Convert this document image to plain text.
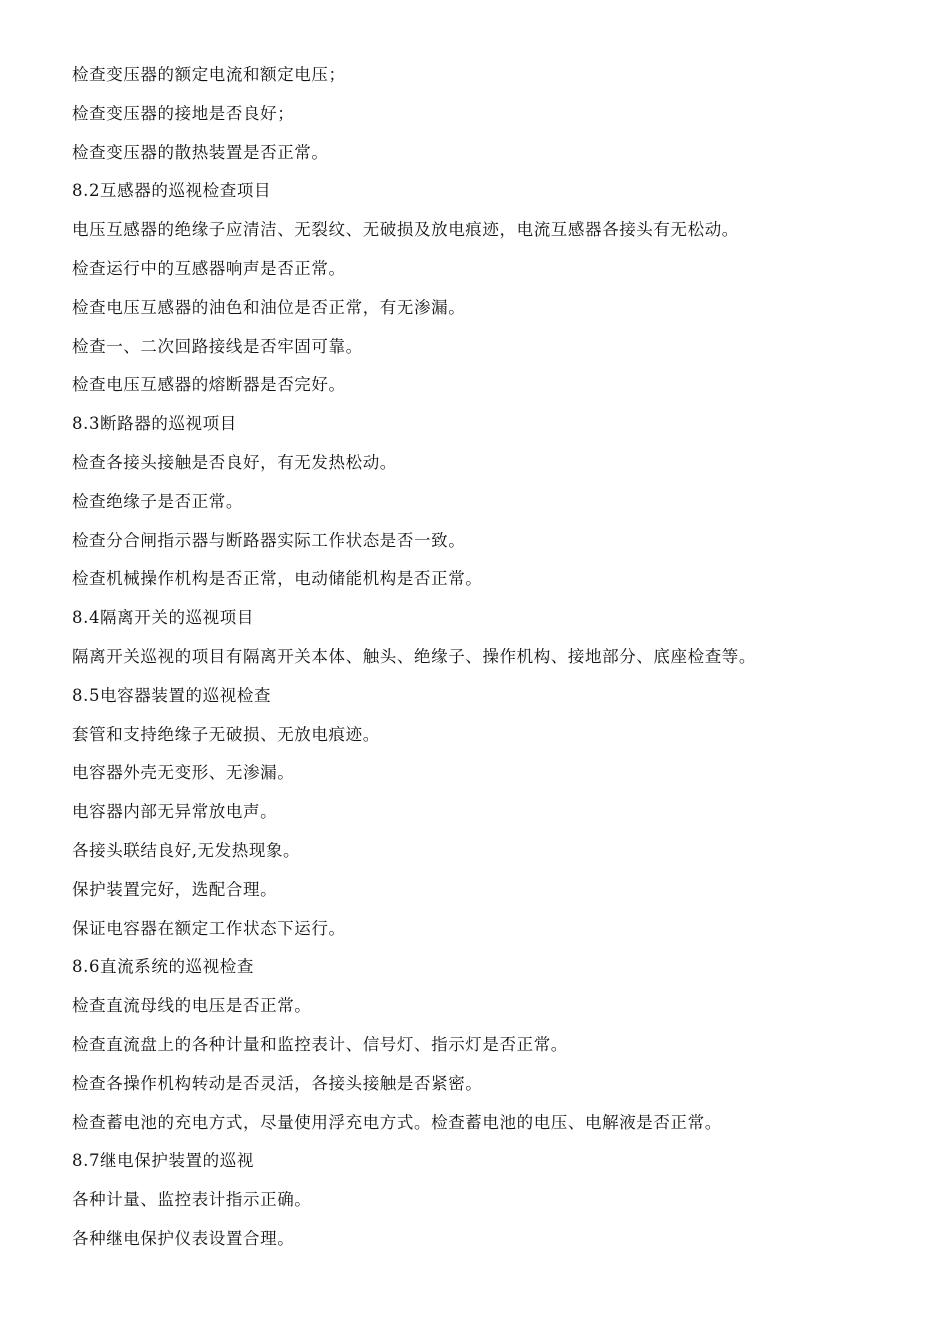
检查变压器的额定电流和额定电压；
检查变压器的接地是否良好；
检查变压器的散热装置是否正常。
8.2互感器的巡视检查项目
电压互感器的绝缘子应清洁、无裂纹、无破损及放电痕迹，电流互感器各接头有无松动。
检查运行中的互感器响声是否正常。
检查电压互感器的油色和油位是否正常，有无渗漏。
检查一、二次回路接线是否牢固可靠。
检查电压互感器的熔断器是否完好。
8.3断路器的巡视项目
检查各接头接触是否良好，有无发热松动。
检查绝缘子是否正常。
检查分合闸指示器与断路器实际工作状态是否一致。
检查机械操作机构是否正常，电动储能机构是否正常。
8.4隔离开关的巡视项目
隔离开关巡视的项目有隔离开关本体、触头、绝缘子、操作机构、接地部分、底座检查等。
8.5电容器装置的巡视检查
套管和支持绝缘子无破损、无放电痕迹。
电容器外壳无变形、无渗漏。
电容器内部无异常放电声。
各接头联结良好,无发热现象。
保护装置完好，选配合理。
保证电容器在额定工作状态下运行。
8.6直流系统的巡视检查
检查直流母线的电压是否正常。
检查直流盘上的各种计量和监控表计、信号灯、指示灯是否正常。
检查各操作机构转动是否灵活，各接头接触是否紧密。
检查蓄电池的充电方式，尽量使用浮充电方式。检查蓄电池的电压、电解液是否正常。
8.7继电保护装置的巡视
各种计量、监控表计指示正确。
各种继电保护仪表设置合理。
